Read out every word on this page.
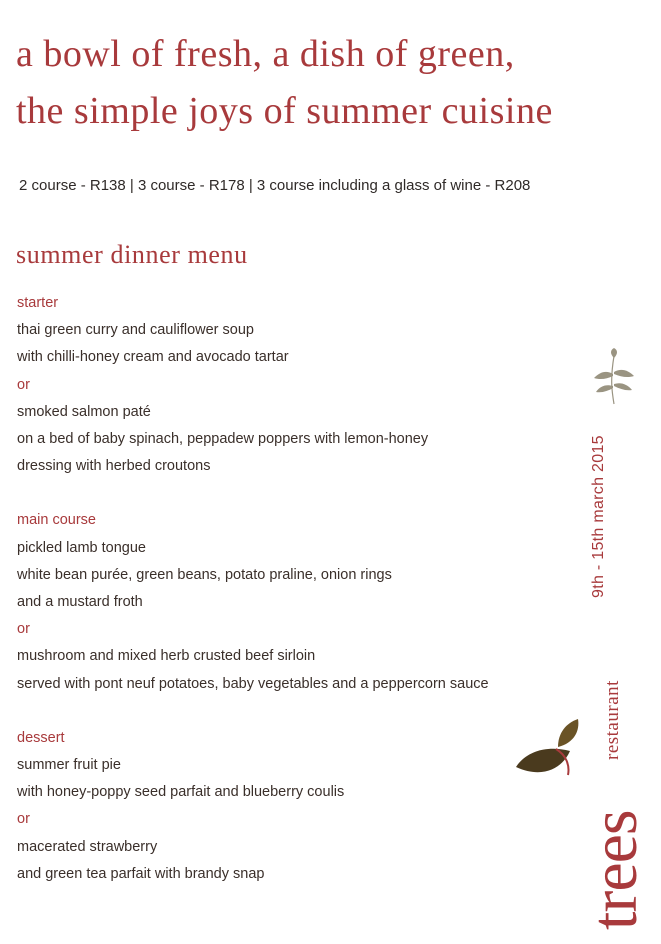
a bowl of fresh, a dish of green,
the simple joys of summer cuisine
2 course - R138 | 3 course - R178 | 3 course including a glass of wine - R208
summer dinner menu
starter
thai green curry and cauliflower soup
with chilli-honey cream and avocado tartar
or
smoked salmon paté
on a bed of baby spinach, peppadew poppers with lemon-honey
dressing with herbed croutons
main course
pickled lamb tongue
white bean purée, green beans, potato praline, onion rings
and a mustard froth
or
mushroom and mixed herb crusted beef sirloin
served with pont neuf potatoes, baby vegetables and a peppercorn sauce
dessert
summer fruit pie
with honey-poppy seed parfait and blueberry coulis
or
macerated strawberry
and green tea parfait with brandy snap
9th - 15th march 2015
restaurant
trees
